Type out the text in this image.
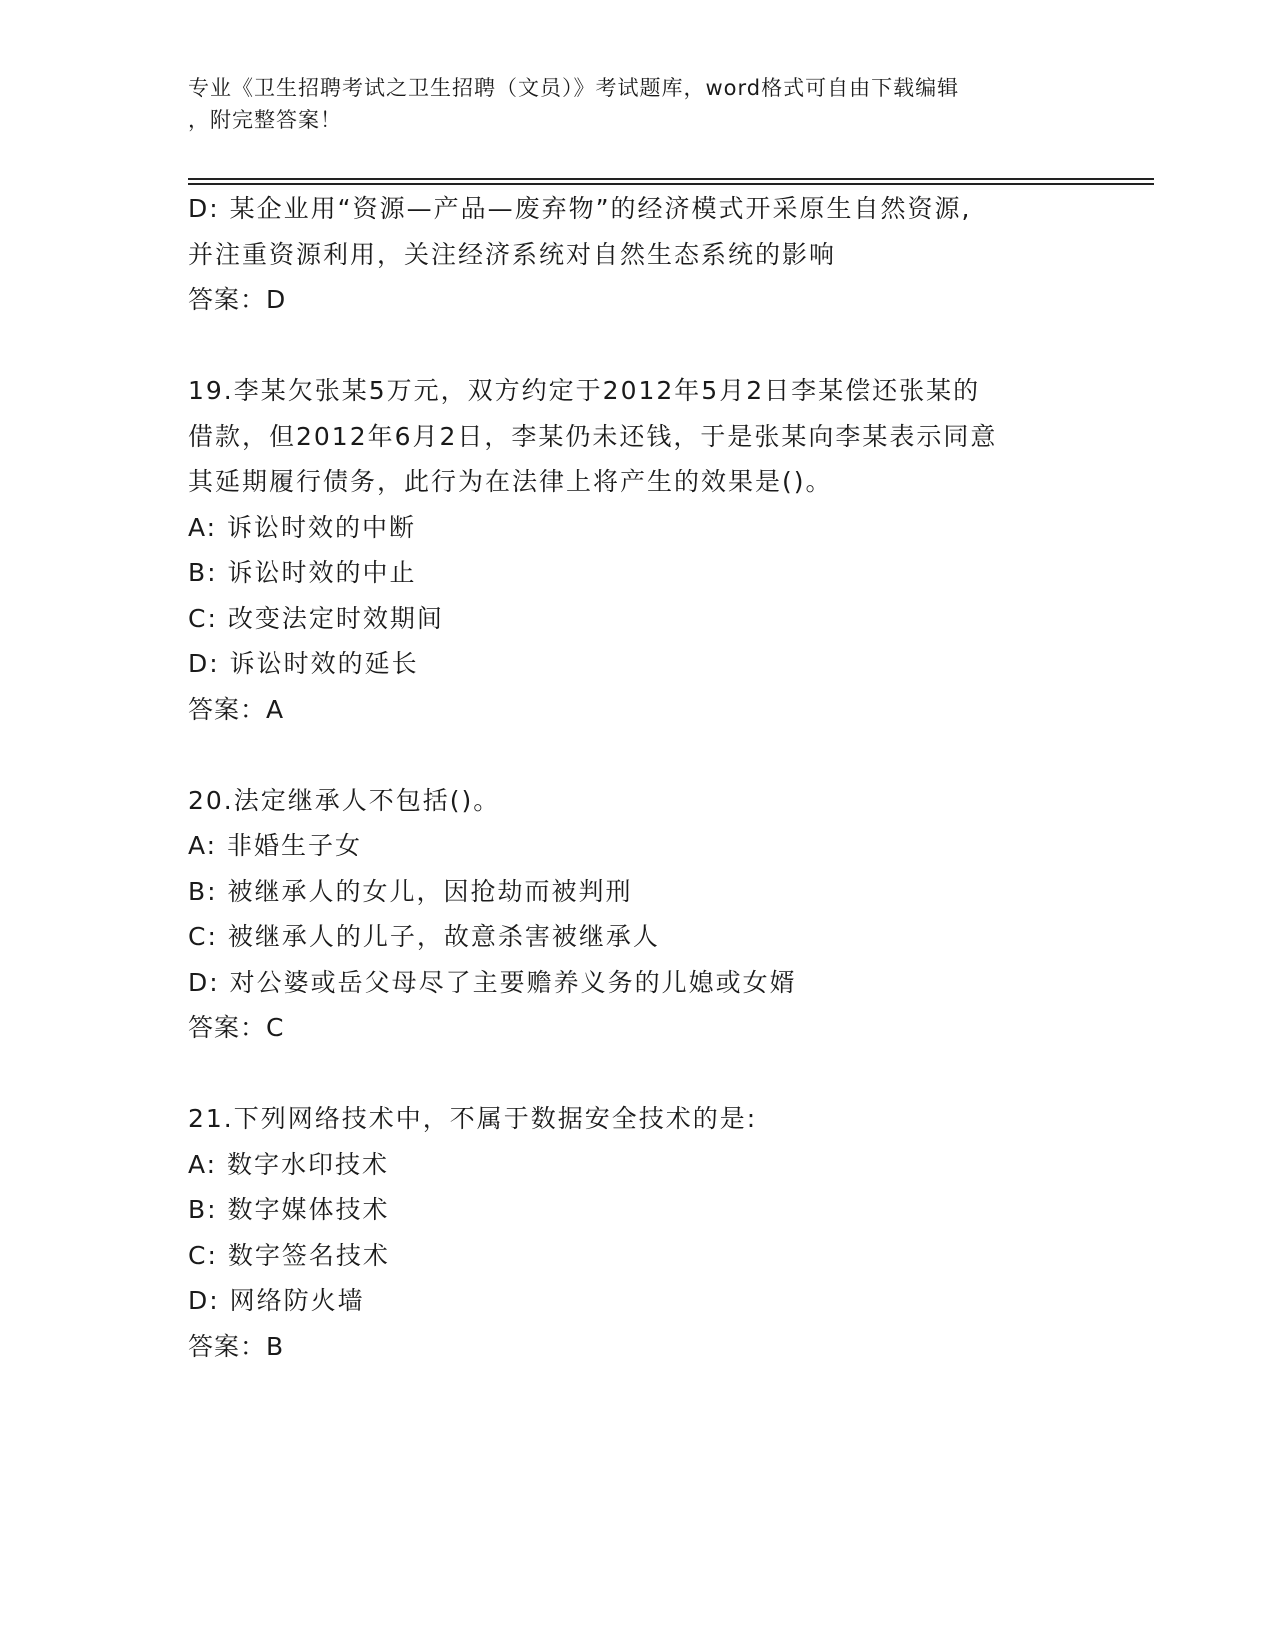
专业《卫生招聘考试之卫生招聘（文员）》考试题库，word格式可自由下载编辑
，附完整答案！
D: 某企业用“资源—产品—废弃物”的经济模式开采原生自然资源,
并注重资源利用，关注经济系统对自然生态系统的影响
答案：D
19.李某欠张某5万元，双方约定于2012年5月2日李某偿还张某的
借款，但2012年6月2日，李某仍未还钱，于是张某向李某表示同意
其延期履行债务，此行为在法律上将产生的效果是()。
A: 诉讼时效的中断
B: 诉讼时效的中止
C: 改变法定时效期间
D: 诉讼时效的延长
答案：A
20.法定继承人不包括()。
A: 非婚生子女
B: 被继承人的女儿，因抢劫而被判刑
C: 被继承人的儿子，故意杀害被继承人
D: 对公婆或岳父母尽了主要赡养义务的儿媳或女婿
答案：C
21.下列网络技术中，不属于数据安全技术的是:
A: 数字水印技术
B: 数字媒体技术
C: 数字签名技术
D: 网络防火墙
答案：B
